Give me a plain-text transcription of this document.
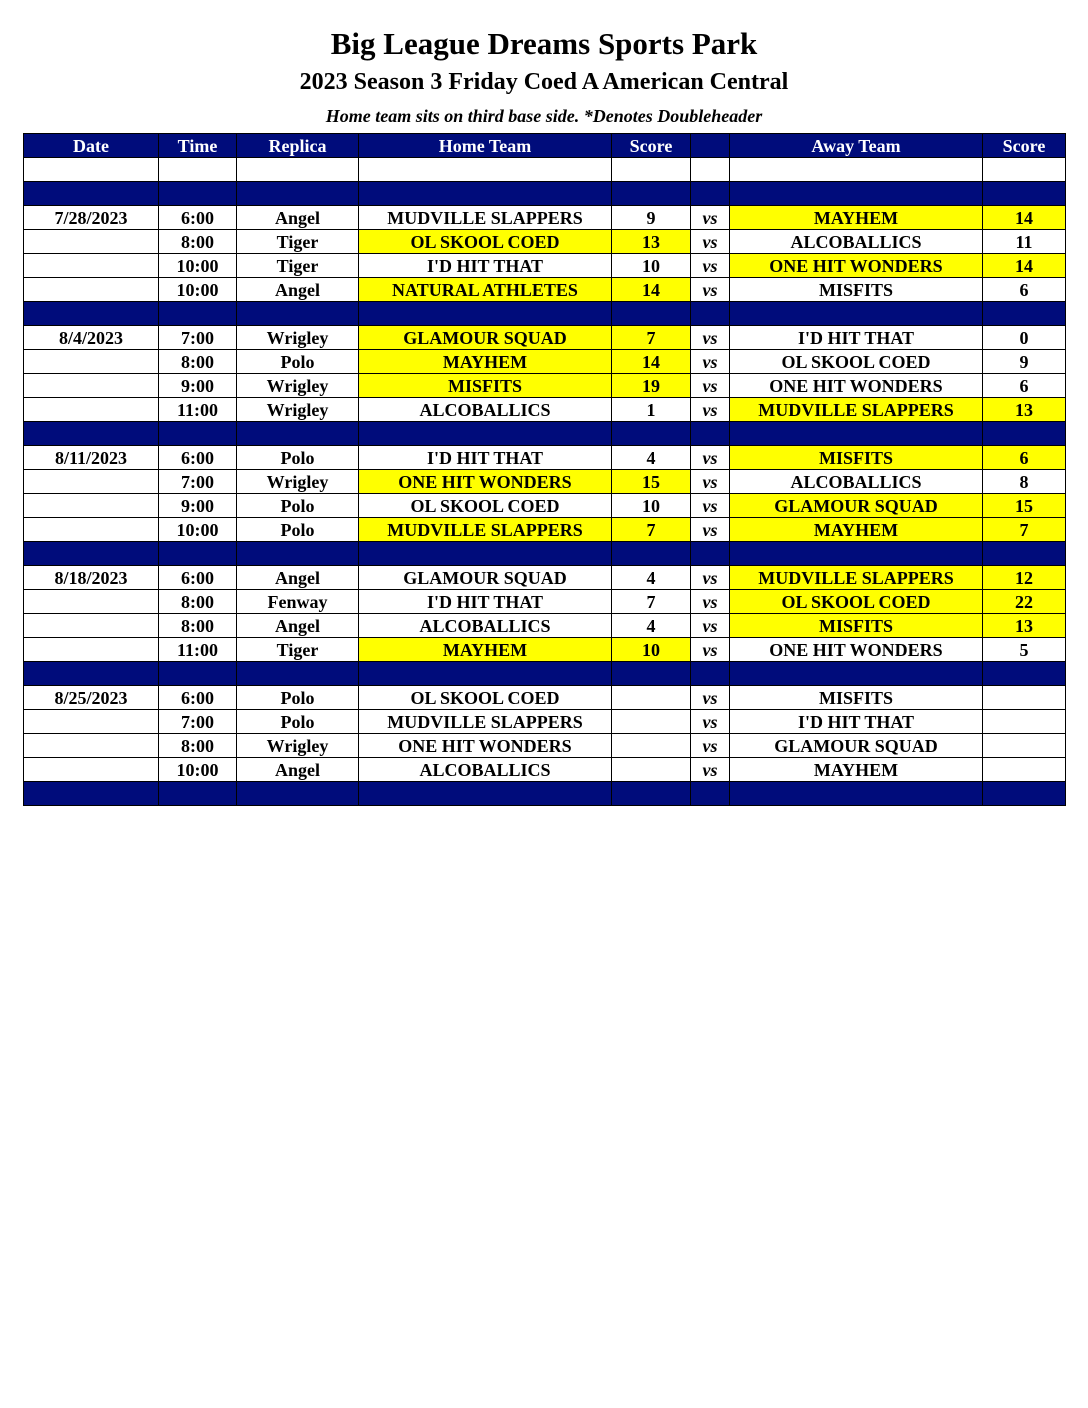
Big League Dreams Sports Park
2023 Season 3 Friday Coed A American Central
Home team sits on third base side. *Denotes Doubleheader
Date	Time	Replica	Home Team	Score		Away Team	Score

7/28/2023	6:00	Angel	MUDVILLE SLAPPERS	9	vs	MAYHEM	14
	8:00	Tiger	OL SKOOL COED	13	vs	ALCOBALLICS	11
	10:00	Tiger	I'D HIT THAT	10	vs	ONE HIT WONDERS	14
	10:00	Angel	NATURAL ATHLETES	14	vs	MISFITS	6

8/4/2023	7:00	Wrigley	GLAMOUR SQUAD	7	vs	I'D HIT THAT	0
	8:00	Polo	MAYHEM	14	vs	OL SKOOL COED	9
	9:00	Wrigley	MISFITS	19	vs	ONE HIT WONDERS	6
	11:00	Wrigley	ALCOBALLICS	1	vs	MUDVILLE SLAPPERS	13

8/11/2023	6:00	Polo	I'D HIT THAT	4	vs	MISFITS	6
	7:00	Wrigley	ONE HIT WONDERS	15	vs	ALCOBALLICS	8
	9:00	Polo	OL SKOOL COED	10	vs	GLAMOUR SQUAD	15
	10:00	Polo	MUDVILLE SLAPPERS	7	vs	MAYHEM	7

8/18/2023	6:00	Angel	GLAMOUR SQUAD	4	vs	MUDVILLE SLAPPERS	12
	8:00	Fenway	I'D HIT THAT	7	vs	OL SKOOL COED	22
	8:00	Angel	ALCOBALLICS	4	vs	MISFITS	13
	11:00	Tiger	MAYHEM	10	vs	ONE HIT WONDERS	5

8/25/2023	6:00	Polo	OL SKOOL COED		vs	MISFITS	
	7:00	Polo	MUDVILLE SLAPPERS		vs	I'D HIT THAT	
	8:00	Wrigley	ONE HIT WONDERS		vs	GLAMOUR SQUAD	
	10:00	Angel	ALCOBALLICS		vs	MAYHEM	
